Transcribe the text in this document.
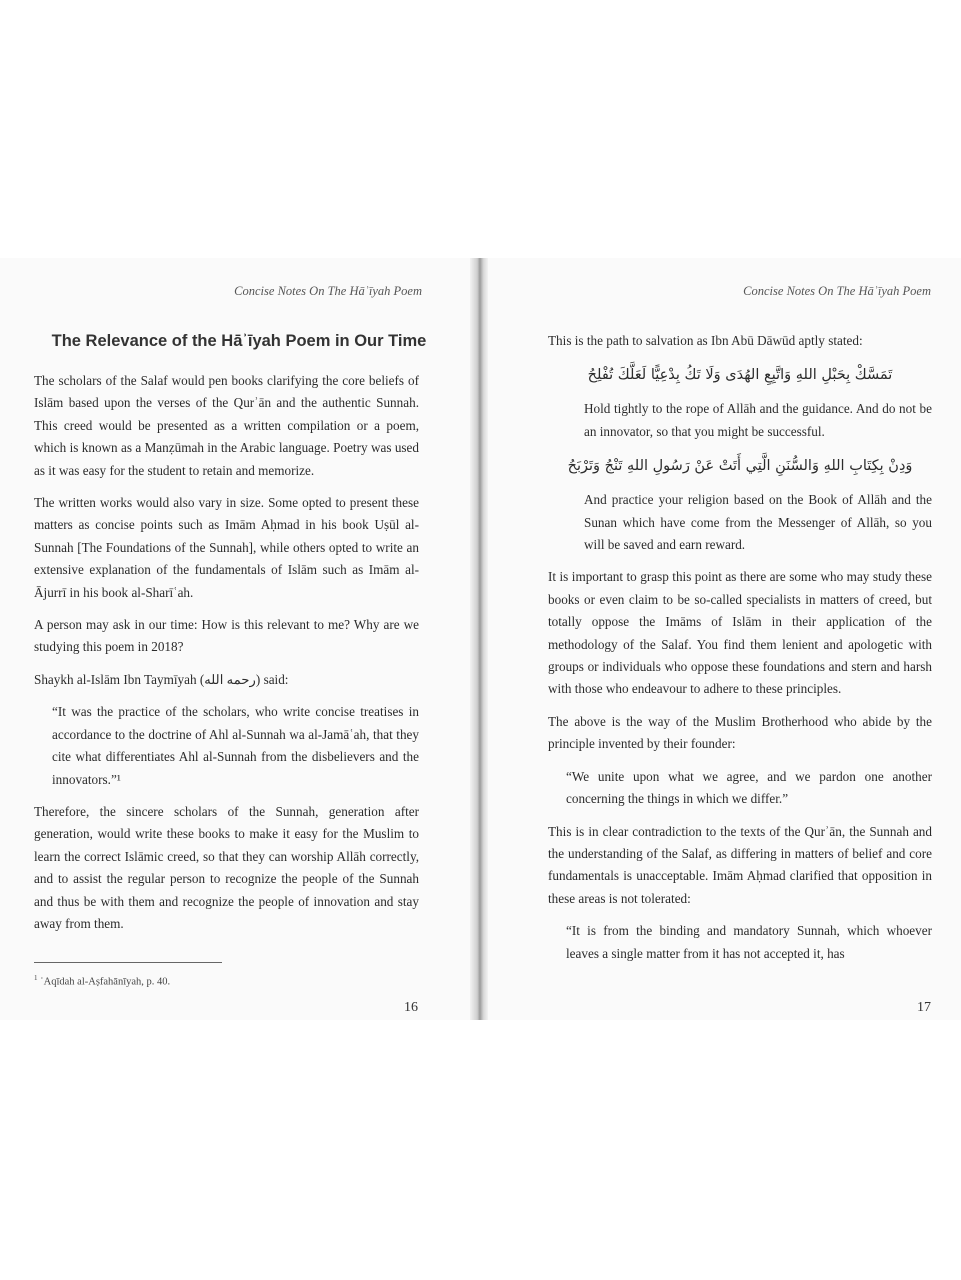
Concise Notes On The Hāʾīyah Poem
The Relevance of the Hāʾīyah Poem in Our Time

The scholars of the Salaf would pen books clarifying the core beliefs of Islām based upon the verses of the Qurʾān and the authentic Sunnah. This creed would be presented as a written compilation or a poem, which is known as a Manẓūmah in the Arabic language. Poetry was used as it was easy for the student to retain and memorize.

The written works would also vary in size. Some opted to present these matters as concise points such as Imām Aḥmad in his book Uṣūl al-Sunnah [The Foundations of the Sunnah], while others opted to write an extensive explanation of the fundamentals of Islām such as Imām al-Ājurrī in his book al-Sharīʿah.

A person may ask in our time: How is this relevant to me? Why are we studying this poem in 2018?

Shaykh al-Islām Ibn Taymīyah (رحمه الله) said:

“It was the practice of the scholars, who write concise treatises in accordance to the doctrine of Ahl al-Sunnah wa al-Jamāʿah, that they cite what differentiates Ahl al-Sunnah from the disbelievers and the innovators.”¹

Therefore, the sincere scholars of the Sunnah, generation after generation, would write these books to make it easy for the Muslim to learn the correct Islāmic creed, so that they can worship Allāh correctly, and to assist the regular person to recognize the people of the Sunnah and thus be with them and recognize the people of innovation and stay away from them.

$^1$ ʿAqīdah al-Aṣfahānīyah, p. 40.
16
Concise Notes On The Hāʾīyah Poem

This is the path to salvation as Ibn Abū Dāwūd aptly stated:

تَمَسَّكْ بِحَبْلِ اللهِ وَاتَّبِعِ الهُدَى وَلَا تَكُ بِدْعِيًّا لَعَلَّكَ تُفْلِحُ

Hold tightly to the rope of Allāh and the guidance. And do not be an innovator, so that you might be successful.

وَدِنْ بِكِتَابِ اللهِ وَالسُّنَنِ الَّتِي أَتَتْ عَنْ رَسُولِ اللهِ تَنْجُ وَتَرْبَحُ

And practice your religion based on the Book of Allāh and the Sunan which have come from the Messenger of Allāh, so you will be saved and earn reward.

It is important to grasp this point as there are some who may study these books or even claim to be so-called specialists in matters of creed, but totally oppose the Imāms of Islām in their application of the methodology of the Salaf. You find them lenient and apologetic with groups or individuals who oppose these foundations and stern and harsh with those who endeavour to adhere to these principles.

The above is the way of the Muslim Brotherhood who abide by the principle invented by their founder:

“We unite upon what we agree, and we pardon one another concerning the things in which we differ.”

This is in clear contradiction to the texts of the Qurʾān, the Sunnah and the understanding of the Salaf, as differing in matters of belief and core fundamentals is unacceptable. Imām Aḥmad clarified that opposition in these areas is not tolerated:

“It is from the binding and mandatory Sunnah, which whoever leaves a single matter from it has not accepted it, has

17
